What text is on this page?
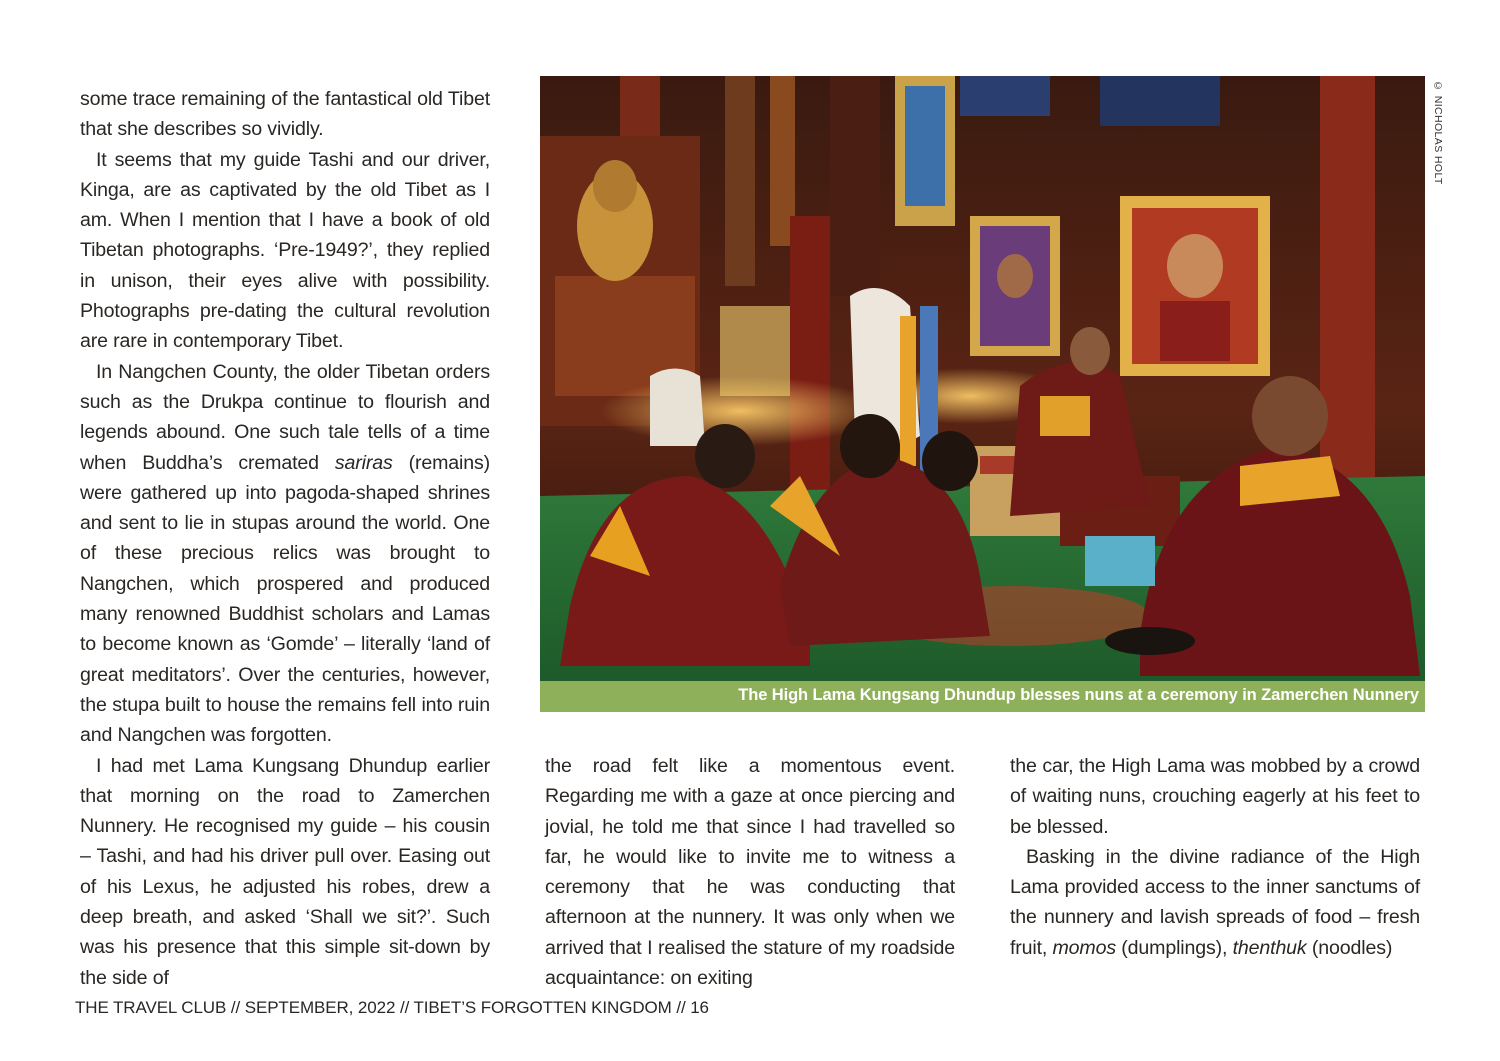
some trace remaining of the fantastical old Tibet that she describes so vividly.

It seems that my guide Tashi and our driver, Kinga, are as captivated by the old Tibet as I am. When I mention that I have a book of old Tibetan photographs. ‘Pre-1949?’, they replied in unison, their eyes alive with possibility. Photographs pre-dating the cultural revolution are rare in contemporary Tibet.

In Nangchen County, the older Tibetan orders such as the Drukpa continue to flourish and legends abound. One such tale tells of a time when Buddha’s cremated sariras (remains) were gathered up into pagoda-shaped shrines and sent to lie in stupas around the world. One of these precious relics was brought to Nangchen, which prospered and produced many renowned Buddhist scholars and Lamas to become known as ‘Gomde’ – literally ‘land of great meditators’. Over the centuries, however, the stupa built to house the remains fell into ruin and Nangchen was forgotten.

I had met Lama Kungsang Dhundup earlier that morning on the road to Zamerchen Nunnery. He recognised my guide – his cousin – Tashi, and had his driver pull over. Easing out of his Lexus, he adjusted his robes, drew a deep breath, and asked ‘Shall we sit?’. Such was his presence that this simple sit-down by the side of

The High Lama Kungsang Dhundup blesses nuns at a ceremony in Zamerchen Nunnery
© NICHOLAS HOLT

the road felt like a momentous event. Regarding me with a gaze at once piercing and jovial, he told me that since I had travelled so far, he would like to invite me to witness a ceremony that he was conducting that afternoon at the nunnery. It was only when we arrived that I realised the stature of my roadside acquaintance: on exiting

the car, the High Lama was mobbed by a crowd of waiting nuns, crouching eagerly at his feet to be blessed.

Basking in the divine radiance of the High Lama provided access to the inner sanctums of the nunnery and lavish spreads of food – fresh fruit, momos (dumplings), thenthuk (noodles)

THE TRAVEL CLUB // SEPTEMBER, 2022 // TIBET’S FORGOTTEN KINGDOM // 16
